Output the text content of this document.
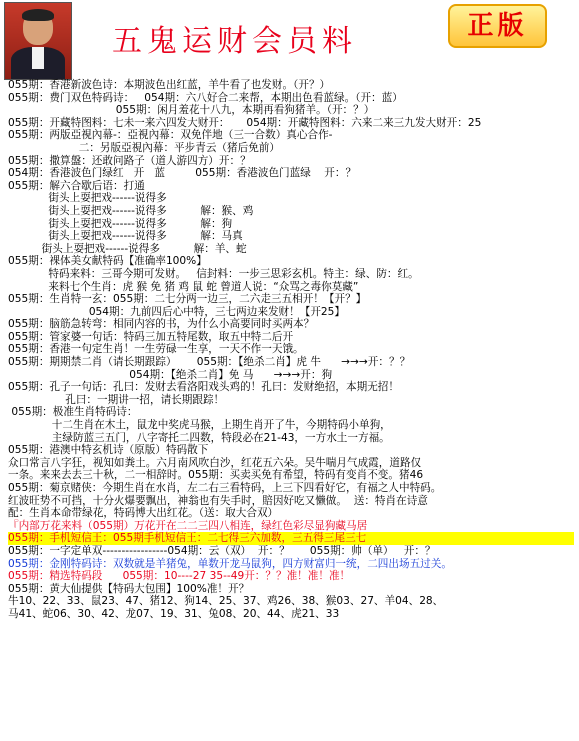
五鬼运财会员料	正版
055期：香港新波色诗：本期波色出红蓝，羊牛看了也发财。（开？）
055期：费门双色特码诗：   054期：六八好合二来帮，本期出色看蓝绿。（开：蓝）
055期：闲月羞花十八九，本期再看狗猪羊。（开：？）
055期：开藏特图料：七未一来六四发大财开：     054期：开藏特图料：六来二来三九发大财开：25
055期：两版亞視內幕-：亞視內幕：双免伴地（三一合数）真心合作-
二：另版亞視內幕：平步青云（猪后免前）
055期：撒算盤：还敢问路子（道人游四方）开：？
054期：香港波色门绿红   开   蓝         055期：香港波色门蓝绿    开：？
055期：解六合歇后语：打通
街头上耍把戏------说得多
街头上耍把戏------说得多          解：猴、鸡
街头上耍把戏------说得多          解：狗
街头上耍把戏------说得多          解：马真
街头上耍把戏------说得多          解：羊、蛇
055期：裸体美女献特码【准确率100%】
特码来料：三哥今期可发财。   信封料：一步三思彩玄机。特主：绿、防：红。
来料七个生肖：虎 猴 免 猪 鸡 鼠 蛇 曾道人说：“众骂之毒你莫藏”
055期：生肖特一玄：055期：二七分两一边三，二六走三五相开！【开？】
054期：九前四后心中特，三七两边来发财！【开25】
055期：脑筋急转弯：相同内容的书，为什么小高要同时买两本？
055期：管家婆一句话：特码三加五特尾数，取五中特二后开
055期：香港一句定生肖！一生劳碌一生享，一天不作一天饿。
055期：期期禁二肖（请长期跟踪）      055期：【绝杀二肖】虎 牛      →→→开：？？
054期：【绝杀二肖】免 马      →→→开：狗
055期：孔子一句话：孔曰：发财去看洛阳戏头鸡的！孔曰：发财绝招，本期无招！
孔曰：一期讲一招，请长期跟踪！
055期：极准生肖特码诗：
十二生肖在木土，鼠龙中奖虎马猴，上期生肖开了牛，今期特码小单狗，
主绿防蓝三五门，八字寄托二四数，特段必在21-43，一方水土一方福。
055期：港澳中特玄机诗（原版）特码散下
众口常言八字狂，视知如粪土。六月南风吹白沙，红花五六朵。吴牛喘月气成霞，道路仅
一条。来来去去三十秋，二一相辞时。055期：买卖买免有希望，特码有变肖不变。猪46
055期：菊京赌侠：今期生肖在水肖，左二右三看特码，上三下四看好它，有福之人中特码。
红波旺势不可挡，十分火爆要飘出，神翁也有失手时，賠因好吃又懒做。  送：特肖在诗意
配：生肖本命带绿花，特码博大出红花。（送：取大合双）
『内部万花来料（055期）万花开在二二三四八相连，绿红色彩尽显狗藏马居
055期：手机短信王：055期手机短信王：二七得三六加数，三五得三尾三七
055期：一字定单双-----------------054期：云（双）  开：？      055期：帅（单）   开：？
055期：金刚特码诗：双数就是羊猪兔，单数开龙马鼠狗，四方财富归一统，二四出场五过关。
055期：精选特码段      055期：10----27 35--49开：？？准！准！准！
055期：黄大仙提供【特码大包围】100%准！开？
牛10、22、33、鼠23、47、猪12、狗14、25、37、鸡26、38、猴03、27、羊04、28、
马41、蛇06、30、42、龙07、19、31、兔08、20、44、虎21、33
